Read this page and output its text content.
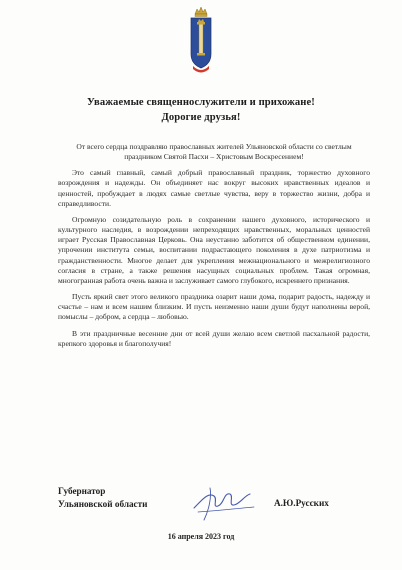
Уважаемые священнослужители и прихожане!
Дорогие друзья!

От всего сердца поздравляю православных жителей Ульяновской области со светлым праздником Святой Пасхи – Христовым Воскресением!

Это самый главный, самый добрый православный праздник, торжество духовного возрождения и надежды. Он объединяет нас вокруг высоких нравственных идеалов и ценностей, пробуждает в людях самые светлые чувства, веру в торжество жизни, добра и справедливости.

Огромную созидательную роль в сохранении нашего духовного, исторического и культурного наследия, в возрождении непреходящих нравственных, моральных ценностей играет Русская Православная Церковь. Она неустанно заботится об общественном единении, упрочении института семьи, воспитании подрастающего поколения в духе патриотизма и гражданственности. Многое делает для укрепления межнационального и межрелигиозного согласия в стране, а также решения насущных социальных проблем. Такая огромная, многогранная работа очень важна и заслуживает самого глубокого, искреннего признания.

Пусть яркий свет этого великого праздника озарит наши дома, подарит радость, надежду и счастье – нам и всем нашим близким. И пусть неизменно наши души будут наполнены верой, помыслы – добром, а сердца – любовью.

В эти праздничные весенние дни от всей души желаю всем светлой пасхальной радости, крепкого здоровья и благополучия!

Губернатор
Ульяновской области	А.Ю.Русских
16 апреля 2023 год
